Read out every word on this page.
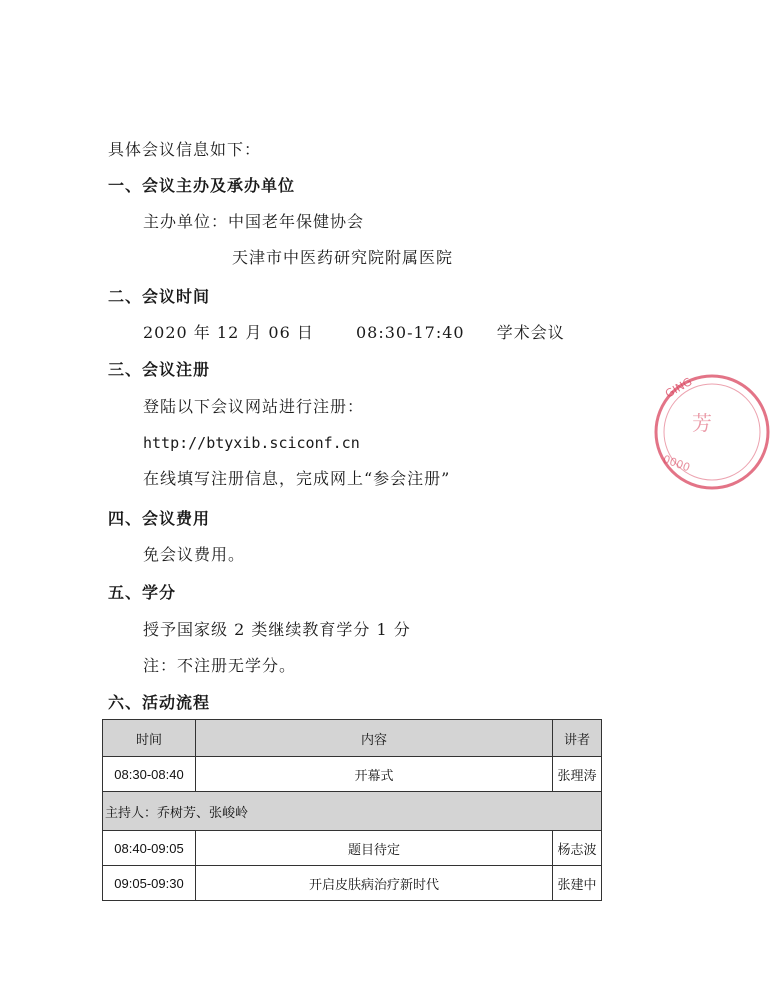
具体会议信息如下：
一、会议主办及承办单位
主办单位：中国老年保健协会
天津市中医药研究院附属医院
二、会议时间
2020 年 12 月 06 日	08:30-17:40 学术会议
三、会议注册
登陆以下会议网站进行注册：
http://btyxib.sciconf.cn
在线填写注册信息，完成网上“参会注册”
四、会议费用
免会议费用。
五、学分
授予国家级 2 类继续教育学分 1 分
注：不注册无学分。
六、活动流程
时间	内容	讲者
08:30-08:40	开幕式	张理涛
主持人：乔树芳、张峻岭		
08:40-09:05	题目待定	杨志波
09:05-09:30	开启皮肤病治疗新时代	张建中
GING
芳
0000
